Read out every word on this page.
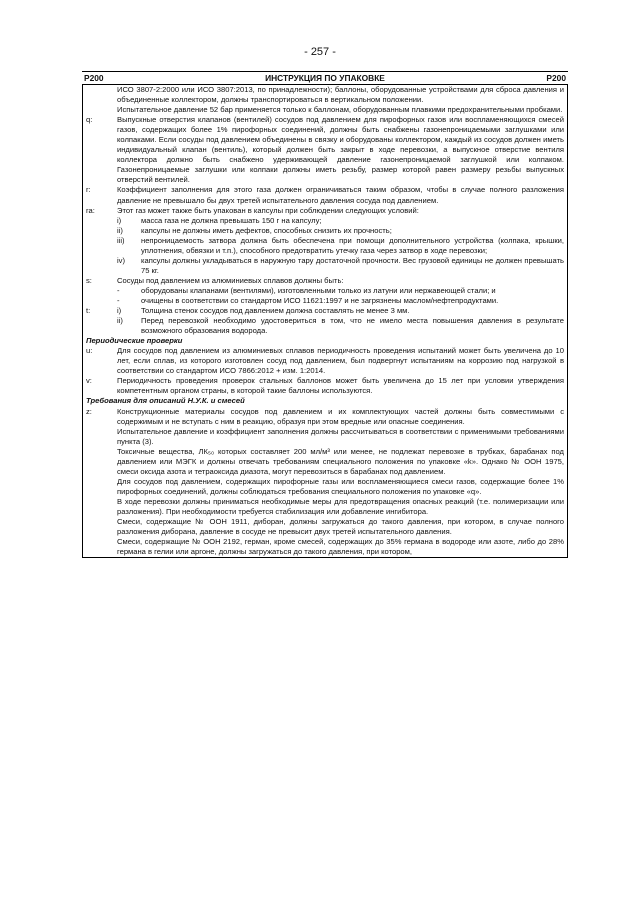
- 257 -
P200	ИНСТРУКЦИЯ ПО УПАКОВКЕ	P200

ИСО 3807-2:2000 или ИСО 3807:2013, по принадлежности); баллоны, оборудованные устройствами для сброса давления и объединенные коллектором, должны транспортироваться в вертикальном положении.

Испытательное давление 52 бар применяется только к баллонам, оборудованным плавкими предохранительными пробками.

q:	Выпускные отверстия клапанов (вентилей) сосудов под давлением для пирофорных газов или воспламеняющихся смесей газов, содержащих более 1% пирофорных соединений, должны быть снабжены газонепроницаемыми заглушками или колпаками. Если сосуды под давлением объединены в связку и оборудованы коллектором, каждый из сосудов должен иметь индивидуальный клапан (вентиль), который должен быть закрыт в ходе перевозки, а выпускное отверстие вентиля коллектора должно быть снабжено удерживающей давление газонепроницаемой заглушкой или колпаком. Газонепроницаемые заглушки или колпаки должны иметь резьбу, размер которой равен размеру резьбы выпускных отверстий вентилей.
r:	Коэффициент заполнения для этого газа должен ограничиваться таким образом, чтобы в случае полного разложения давление не превышало бы двух третей испытательного давления сосуда под давлением.
ra:	Этот газ может также быть упакован в капсулы при соблюдении следующих условий:
i)	масса газа не должна превышать 150 г на капсулу;
ii)	капсулы не должны иметь дефектов, способных снизить их прочность;
iii)	непроницаемость затвора должна быть обеспечена при помощи дополнительного устройства (колпака, крышки, уплотнения, обвязки и т.п.), способного предотвратить утечку газа через затвор в ходе перевозки;
iv)	капсулы должны укладываться в наружную тару достаточной прочности. Вес грузовой единицы не должен превышать 75 кг.
s:	Сосуды под давлением из алюминиевых сплавов должны быть:
-	оборудованы клапанами (вентилями), изготовленными только из латуни или нержавеющей стали; и
-	очищены в соответствии со стандартом ИСО 11621:1997 и не загрязнены маслом/нефтепродуктами.
t:	i)	Толщина стенок сосудов под давлением должна составлять не менее 3 мм.
ii)	Перед перевозкой необходимо удостовериться в том, что не имело места повышения давления в результате возможного образования водорода.
Периодические проверки
u:	Для сосудов под давлением из алюминиевых сплавов периодичность проведения испытаний может быть увеличена до 10 лет, если сплав, из которого изготовлен сосуд под давлением, был подвергнут испытаниям на коррозию под нагрузкой в соответствии со стандартом ИСО 7866:2012 + изм. 1:2014.
v:	Периодичность проведения проверок стальных баллонов может быть увеличена до 15 лет при условии утверждения компетентным органом страны, в которой такие баллоны используются.
Требования для описаний Н.У.К. и смесей
z:	Конструкционные материалы сосудов под давлением и их комплектующих частей должны быть совместимыми с содержимым и не вступать с ним в реакцию, образуя при этом вредные или опасные соединения.

Испытательное давление и коэффициент заполнения должны рассчитываться в соответствии с применимыми требованиями пункта (3).

Токсичные вещества, ЛК₅₀ которых составляет 200 мл/м³ или менее, не подлежат перевозке в трубках, барабанах под давлением или МЭГК и должны отвечать требованиям специального положения по упаковке «k». Однако № ООН 1975, смеси оксида азота и тетраоксида диазота, могут перевозиться в барабанах под давлением.

Для сосудов под давлением, содержащих пирофорные газы или воспламеняющиеся смеси газов, содержащие более 1% пирофорных соединений, должны соблюдаться требования специального положения по упаковке «q».

В ходе перевозки должны приниматься необходимые меры для предотвращения опасных реакций (т.е. полимеризации или разложения). При необходимости требуется стабилизация или добавление ингибитора.

Смеси, содержащие № ООН 1911, диборан, должны загружаться до такого давления, при котором, в случае полного разложения диборана, давление в сосуде не превысит двух третей испытательного давления.

Смеси, содержащие № ООН 2192, герман, кроме смесей, содержащих до 35% германа в водороде или азоте, либо до 28% германа в гелии или аргоне, должны загружаться до такого давления, при котором,
